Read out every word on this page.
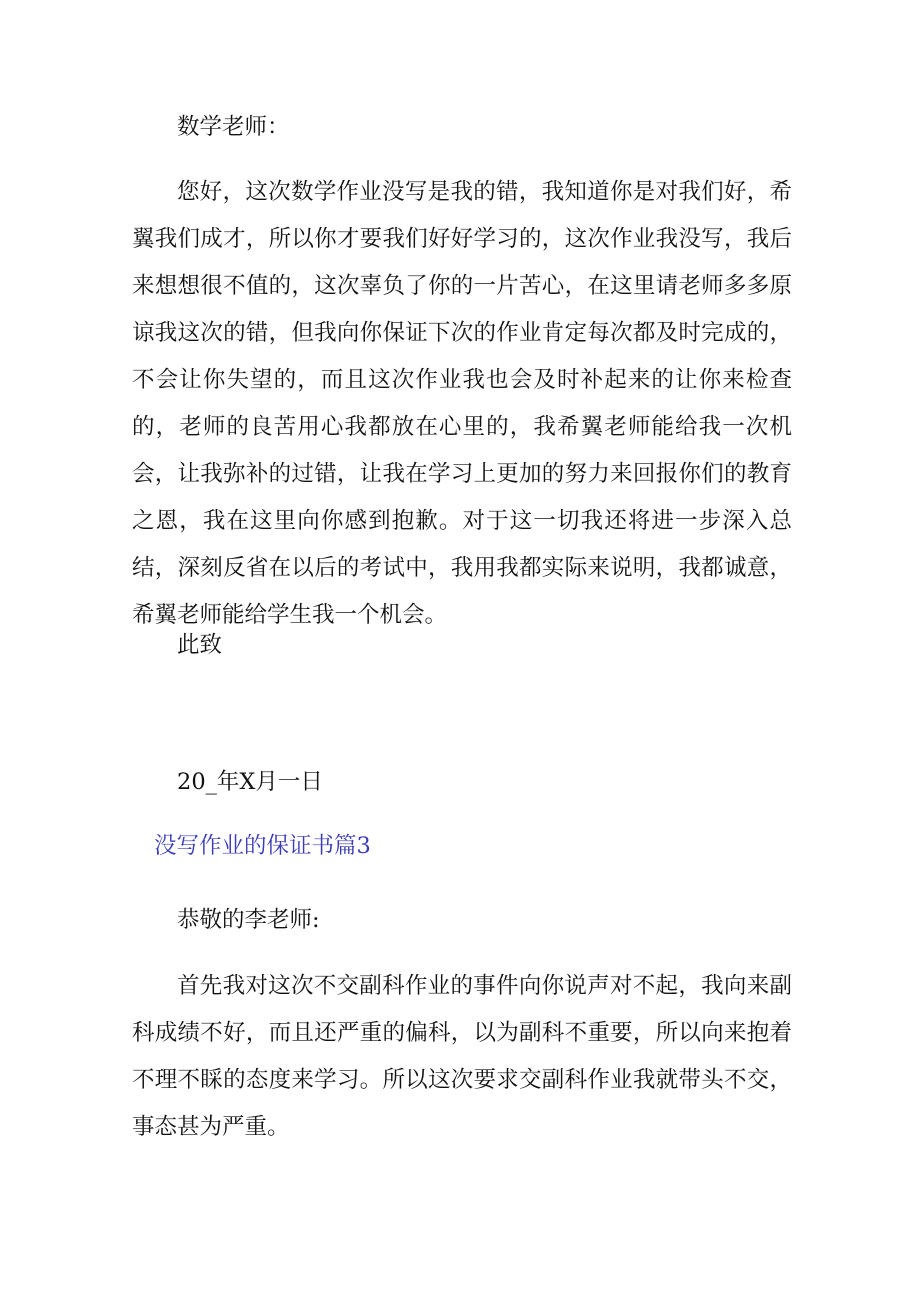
数学老师：
您好，这次数学作业没写是我的错，我知道你是对我们好，希翼我们成才，所以你才要我们好好学习的，这次作业我没写，我后来想想很不值的，这次辜负了你的一片苦心，在这里请老师多多原谅我这次的错，但我向你保证下次的作业肯定每次都及时完成的，不会让你失望的，而且这次作业我也会及时补起来的让你来检查的，老师的良苦用心我都放在心里的，我希翼老师能给我一次机会，让我弥补的过错，让我在学习上更加的努力来回报你们的教育之恩，我在这里向你感到抱歉。对于这一切我还将进一步深入总结，深刻反省在以后的考试中，我用我都实际来说明，我都诚意，希翼老师能给学生我一个机会。
此致
20_年X月一日
没写作业的保证书篇3
恭敬的李老师:
首先我对这次不交副科作业的事件向你说声对不起，我向来副科成绩不好，而且还严重的偏科，以为副科不重要，所以向来抱着不理不睬的态度来学习。所以这次要求交副科作业我就带头不交，事态甚为严重。
